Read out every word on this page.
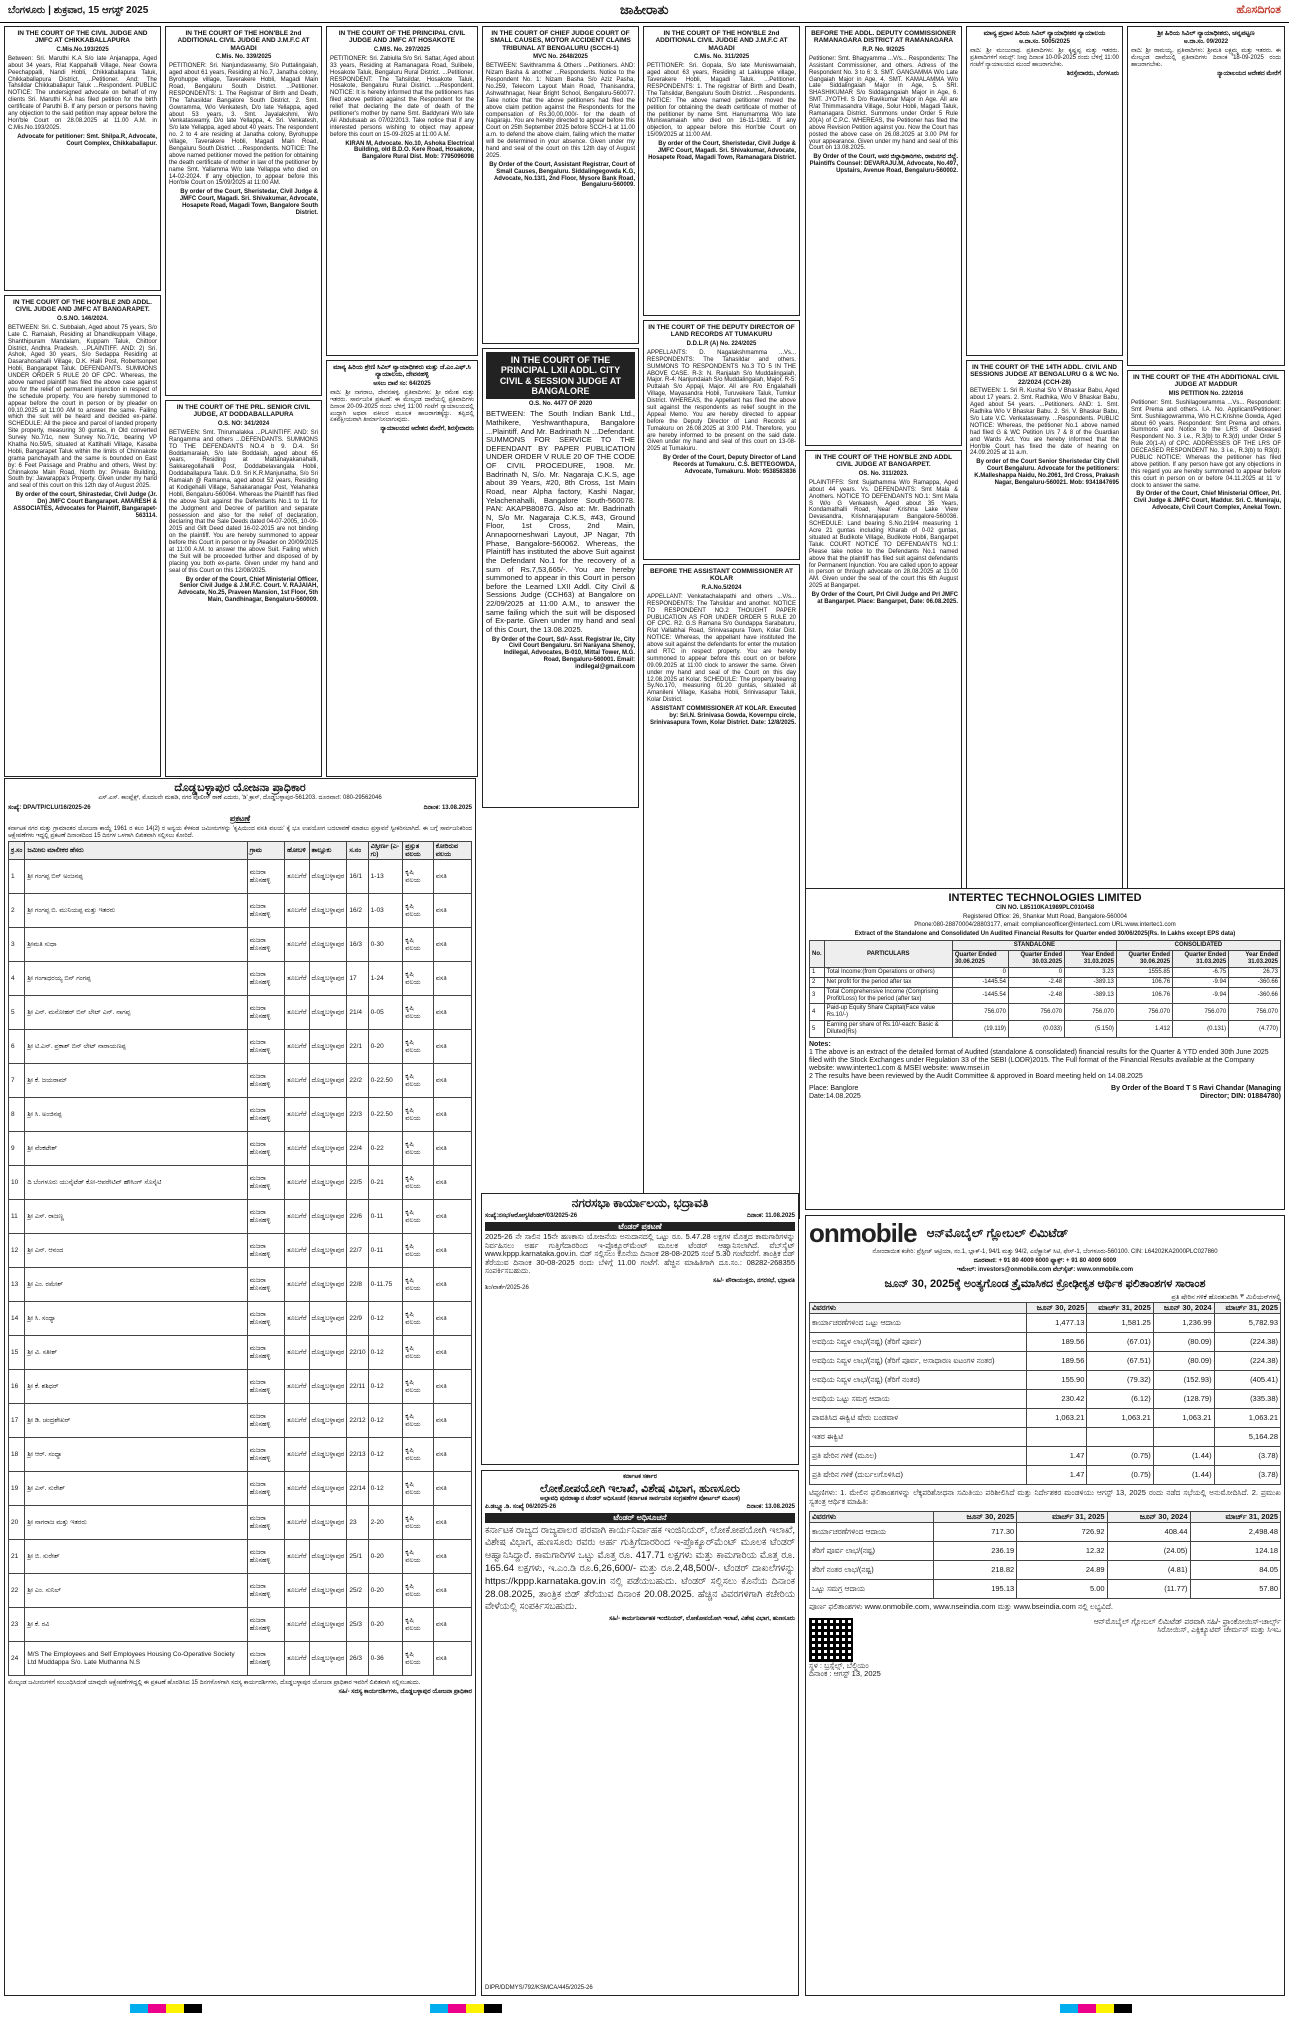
ಬೆಂಗಳೂರು | ಶುಕ್ರವಾರ, 15 ಆಗಸ್ಟ್ 2025	ಜಾಹೀರಾತು	ಹೊಸದಿಗಂತ
IN THE COURT OF THE CIVIL JUDGE AND JMFC AT CHIKKABALLAPURA
C.Mis.No.193/2025
Between: Sri. Maruthi K.A S/o late Anjanappa, Aged about 34 years, R/at Kappahalli Village, Near Gowra Peechappalli, Nandi Hobli, Chikkaballapura Taluk, Chikkaballapura District. ...Petitioner. And: The Tahsildar Chikkaballapur Taluk ...Respondent. PUBLIC NOTICE: The undersigned advocate on behalf of my clients Sri. Maruthi K.A has filed petition for the birth certificate of Paruthi B. If any person or persons having any objection to the said petition may appear before the Hon'ble Court on 28.08.2025 at 11.00 A.M. in C.Mis.No.193/2025.
Advocate for petitioner: Smt. Shilpa.R, Advocate, Court Complex, Chikkaballapur.
IN THE COURT OF THE HON'BLE 2ND ADDL. CIVIL JUDGE AND JMFC AT BANGARAPET.
O.S.NO. 146/2024.
BETWEEN: Sri. C. Subbaiah, Aged about 75 years, S/o Late C. Ramaiah, Residing at Dhandikuppam Village, Shanthipuram Mandalam, Kuppam Taluk, Chittoor District, Andhra Pradesh. ...PLAINTIFF. AND: 2) Sri. Ashok, Aged 30 years, S/o Sedappa Residing at Dasarahosahalli Village, D.K. Halli Post, Robertsonpet Hobli, Bangarapet Taluk. DEFENDANTS. SUMMONS UNDER ORDER 5 RULE 20 OF CPC. Whereas, the above named plaintiff has filed the above case against you for the relief of permanent injunction in respect of the schedule property. You are hereby summoned to appear before the court in person or by pleader on 09.10.2025 at 11:00 AM to answer the same. Failing which the suit will be heard and decided ex-parte. SCHEDULE: All the piece and parcel of landed property Site property, measuring 30 guntas, in Old converted Survey No.7/1c, new Survey No.7/1c, bearing VP Khatha No.59/5, situated at Kattihalli Village, Kasaba Hobli, Bangarapet Taluk within the limits of Chinnakote grama panchayath and the same is bounded on East by: 6 Feet Passage and Prabhu and others, West by: Chinnakote Main Road, North by: Private Building, South by: Jawarappa's Property. Given under my hand and seal of this court on this 12th day of August 2025.
By order of the court, Shirastedar, Civil Judge (Jr. Dn) JMFC Court Bangarapet. AMARESH & ASSOCIATES, Advocates for Plaintiff, Bangarapet-563114.
IN THE COURT OF THE HON'BLE 2nd ADDITIONAL CIVIL JUDGE AND J.M.F.C AT MAGADI
C.Mis. No. 339/2025
PETITIONER: Sri. Nanjundaswamy, S/o Puttalingaiah, aged about 61 years, Residing at No.7, Janatha colony, Byrohuppe village, Taverakere Hobli, Magadi Main Road, Bengaluru South District. ...Petitioner. RESPONDENTS: 1. The Registrar of Birth and Death, The Tahasildar Bangalore South District. 2. Smt. Gowramma, W/o Venkatesh, D/o late Yellappa, aged about 53 years, 3. Smt. Jayalakshmi, W/o Venkataswamy, D/o late Yellappa, 4. Sri. Venkatesh, S/o late Yellappa, aged about 40 years. The respondent no. 2 to 4 are residing at Janatha colony, Byrohuppe village, Taverakere Hobli, Magadi Main Road, Bengaluru South District. ...Respondents. NOTICE: The above named petitioner moved the petition for obtaining the death certificate of mother in law of the petitioner by name Smt. Yallamma W/o late Yellappa who died on 14-02-2024. If any objection, to appear before this Hon'ble Court on 15/09/2025 at 11:00 AM.
By order of the Court, Sheristedar, Civil Judge & JMFC Court, Magadi. Sri. Shivakumar, Advocate, Hosapete Road, Magadi Town, Bangalore South District.
IN THE COURT OF THE PRL. SENIOR CIVIL JUDGE, AT DODDABALLAPURA
O.S. NO: 341/2024
BETWEEN: Smt. Thirumalakka ...PLAINTIFF. AND: Sri Rangamma and others ...DEFENDANTS. SUMMONS TO THE DEFENDANTS NO.4 b 9. D.4. Sri Boddamaraiah, S/o late Boddaiah, aged about 65 years, Residing at Mattanayakanahalli, Sakkaregollahalli Post, Doddabelavangala Hobli, Doddaballapura Taluk. D.9. Sri K.R.Manjunatha, S/o Sri Ramaiah @ Ramanna, aged about 52 years, Residing at Kodigehalli Village, Sahakaranagar Post, Yelahanka Hobli, Bengaluru-560064. Whereas the Plaintiff has filed the above Suit against the Defendants No.1 to 11 for the Judgment and Decree of partition and separate possession and also for the relief of declaration, declaring that the Sale Deeds dated 04-07-2005, 10-09-2015 and Gift Deed dated 16-02-2015 are not binding on the plaintiff. You are hereby summoned to appear before this Court in person or by Pleader on 20/09/2025 at 11:00 A.M. to answer the above Suit. Failing which the Suit will be proceeded further and disposed of by placing you both ex-parte. Given under my hand and seal of this Court on this 12/08/2025.
By order of the Court, Chief Ministerial Officer, Senior Civil Judge & J.M.F.C. Court. V. RAJAIAH, Advocate, No.25, Praveen Mansion, 1st Floor, 5th Main, Gandhinagar, Bengaluru-560009.
IN THE COURT OF THE PRINCIPAL CIVIL JUDGE AND JMFC AT HOSAKOTE
C.MIS. No. 297/2025
PETITIONER: Sri. Zabiulla S/o Sri. Sattar, Aged about 33 years, Residing at Ramanagara Road, Sulibele, Hosakote Taluk, Bengaluru Rural District. ...Petitioner. RESPONDENT: The Tahsildar, Hosakote Taluk, Hosakote, Bengaluru Rural District. ...Respondent. NOTICE: It is hereby informed that the petitioners has filed above petition against the Respondent for the relief that declaring the date of death of the petitioner's mother by name Smt. Baddyrani W/o late Ali Abdulsaab as 07/02/2013. Take notice that if any interested persons wishing to object may appear before this court on 15-09-2025 at 11:00 A.M.
KIRAN M, Advocate. No.10, Ashoka Electrical Building, old B.D.O. Kere Road, Hosakote, Bangalore Rural Dist. Mob: 7795096098
ಮಾನ್ಯ ಹಿರಿಯ ಶ್ರೇಣಿ ಸಿವಿಲ್ ನ್ಯಾಯಾಧೀಶರು ಮತ್ತು ಜೆ.ಎಂ.ಎಫ್.ಸಿ ನ್ಯಾಯಾಲಯ, ದೇವನಹಳ್ಳಿ
ಅಸಲು ದಾವೆ ಸಂ: 64/2025
ವಾದಿ: ಶ್ರೀ ನಾಗರಾಜ, ದೇವನಹಳ್ಳಿ. ಪ್ರತಿವಾದಿಗಳು: ಶ್ರೀ ರಮೇಶ ಮತ್ತು ಇತರರು. ಸಾರ್ವಜನಿಕ ಪ್ರಕಟಣೆ: ಈ ಮೇಲ್ಕಂಡ ದಾವೆಯಲ್ಲಿ ಪ್ರತಿವಾದಿಗಳು ದಿನಾಂಕ 20-09-2025 ರಂದು ಬೆಳಿಗ್ಗೆ 11:00 ಗಂಟೆಗೆ ನ್ಯಾಯಾಲಯದಲ್ಲಿ ಖುದ್ದಾಗಿ ಅಥವಾ ವಕೀಲರ ಮೂಲಕ ಹಾಜರಾಗತಕ್ಕದ್ದು. ತಪ್ಪಿದಲ್ಲಿ ಏಕಪಕ್ಷೀಯವಾಗಿ ತೀರ್ಮಾನಿಸಲಾಗುವುದು.
ನ್ಯಾಯಾಲಯದ ಆದೇಶದ ಮೇರೆಗೆ, ಶಿರಸ್ತೇದಾರರು
IN THE COURT OF CHIEF JUDGE COURT OF SMALL CAUSES, MOTOR ACCIDENT CLAIMS TRIBUNAL AT BENGALURU (SCCH-1)
MVC No. 2648/2025
BETWEEN: Savithramma & Others ...Petitioners. AND: Nizam Basha & another ...Respondents. Notice to the Respondent No. 1: Nizam Basha S/o Aziz Pasha, No.259, Telecom Layout Main Road, Thanisandra, Ashwathnagar, Near Bright School, Bengaluru-560077. Take notice that the above petitioners had filed the above claim petition against the Respondents for the compensation of Rs.30,00,000/- for the death of Nagaraju. You are hereby directed to appear before this Court on 25th September 2025 before SCCH-1 at 11.00 a.m. to defend the above claim, failing which the matter will be determined in your absence. Given under my hand and seal of the court on this 12th day of August 2025.
By Order of the Court, Assistant Registrar, Court of Small Causes, Bengaluru. Siddalingegowda K.G, Advocate, No.13/1, 2nd Floor, Mysore Bank Road, Bengaluru-560009.
IN THE COURT OF THE PRINCIPAL LXII ADDL. CITY CIVIL & SESSION JUDGE AT BANGALORE
O.S. No. 4477 OF 2020
BETWEEN: The South Indian Bank Ltd., Mathikere, Yeshwanthapura, Bangalore ...Plaintiff. And Mr. Badrinath N ...Defendant. SUMMONS FOR SERVICE TO THE DEFENDANT BY PAPER PUBLICATION UNDER ORDER V RULE 20 OF THE CODE OF CIVIL PROCEDURE, 1908. Mr. Badrinath N, S/o. Mr. Nagaraja C.K.S, age about 39 Years, #20, 8th Cross, 1st Main Road, near Alpha factory, Kashi Nagar, Yelachenahalli, Bangalore South-560078. PAN: AKAPB8087G. Also at: Mr. Badrinath N, S/o Mr. Nagaraja C.K.S, #43, Ground Floor, 1st Cross, 2nd Main, Annapoorneshwari Layout, JP Nagar, 7th Phase, Bangalore-560062. Whereas, the Plaintiff has instituted the above Suit against the Defendant No.1 for the recovery of a sum of Rs.7,53,665/-. You are hereby summoned to appear in this Court in person before the Learned LXII Addl. City Civil & Sessions Judge (CCH63) at Bangalore on 22/09/2025 at 11:00 A.M., to answer the same failing which the suit will be disposed of Ex-parte. Given under my hand and seal of this Court, the 13.08.2025.
By Order of the Court, Sd/- Asst. Registrar I/c, City Civil Court Bengaluru. Sri Narayana Shenoy, Indilegal, Advocates, B-010, Mittal Tower, M.G. Road, Bengaluru-560001. Email: indilegal@gmail.com
IN THE COURT OF THE HON'BLE 2nd ADDITIONAL CIVIL JUDGE AND J.M.F.C AT MAGADI
C.Mis. No. 311/2025
PETITIONER: Sri. Gopala, S/o late Muniswamaiah, aged about 63 years, Residing at Lakkuppe village, Taverakere Hobli, Magadi Taluk. ...Petitioner. RESPONDENTS: 1. The registrar of Birth and Death, The Tahsildar, Bengaluru South District. ...Respondents. NOTICE: The above named petitioner moved the petition for obtaining the death certificate of mother of the petitioner by name Smt. Hanumamma W/o late Muniswamaiah who died on 16-11-1982. If any objection, to appear before this Hon'ble Court on 15/09/2025 at 11:00 AM.
By order of the Court, Sheristedar, Civil Judge & JMFC Court, Magadi. Sri. Shivakumar, Advocate, Hosapete Road, Magadi Town, Ramanagara District.
IN THE COURT OF THE DEPUTY DIRECTOR OF LAND RECORDS AT TUMAKURU
D.D.L.R (A) No. 224/2025
APPELLANTS: D. Nagalakshmamma ...Vs... RESPONDENTS: The Tahasildar and others. SUMMONS TO RESPONDENTS No.3 TO 5 IN THE ABOVE CASE. R-3: N. Ranjalah S/o Muddalingaiah, Major. R-4: Nanjundaiah S/o Muddalingaiah, Major. R-5: Puttaiah S/o Appaji, Major. All are R/o Engalahalli Village, Mayasandra Hobli, Turuvekere Taluk, Tumkur District. WHEREAS, the Appellant has filed the above suit against the respondents as relief sought in the Appeal Memo. You are hereby directed to appear before the Deputy Director of Land Records at Tumakuru on 26.08.2025 at 3:00 P.M. Therefore, you are hereby informed to be present on the said date. Given under my hand and seal of this court on 13-08-2025 at Tumakuru.
By Order of the Court, Deputy Director of Land Records at Tumakuru. C.S. BETTEGOWDA, Advocate, Tumakuru. Mob: 9538583836
BEFORE THE ASSISTANT COMMISSIONER AT KOLAR
R.A.No.5/2024
APPELLANT: Venkatachalapathi and others ...V/s... RESPONDENTS: The Tahsildar and another. NOTICE TO RESPONDENT NO.2 THOUGHT PAPER PUBLICATION AS FOR UNDER ORDER 5 RULE 20 OF CPC. R2. G.S Ramana S/o Gundappa Sarabaturu, R/at Vallabhai Road, Srinivasapura Town, Kolar Dist. NOTICE: Whereas, the appellant have instituted the above suit against the defendants for enter the mutation and RTC in respect property. You are hereby summoned to appear before this court on or before 09.09.2025 at 11:00 clock to answer the same. Given under my hand and seal of the Court on this day 12.08.2025 at Kolar. SCHEDULE: The property bearing Sy.No.170, measuring 01.20 guntas, situated at Amanileni Village, Kasaba Hobli, Srinivasapur Taluk, Kolar District.
ASSISTANT COMMISSIONER AT KOLAR. Executed by: Sri.N. Srinivasa Gowda, Kovernpu circle, Srinivasapura Town, Kolar District. Date: 12/8/2025.
BEFORE THE ADDL. DEPUTY COMMISSIONER RAMANAGARA DISTRICT AT RAMANAGARA
R.P. No. 9/2025
Petitioner: Smt. Bhagyamma ...V/s... Respondents: The Assistant Commissioner, and others. Adress of the Respondent No. 3 to 6: 3. SMT. GANGAMMA W/o Late Gangaiah Major in Age, 4. SMT. KAMALAMMA W/o Late Siddalingaiah Major in Age, 5. SRI. SHASHIKUMAR S/o Siddagangaiah Major in Age, 6. SMT. JYOTHI. S D/o Ravikumar Major in Age. All are R/at Thimmasandra Village, Solur Hobli, Magadi Taluk, Ramanagara District. Summons under Order 5 Rule 20(A) of C.P.C. WHEREAS, the Petitioner has filed the above Revision Petition against you. Now the Court has posted the above case on 26.08.2025 at 3.00 PM for your appearance. Given under my hand and seal of this Court on 13.08.2025.
By Order of the Court, ಅಪರ ಜಿಲ್ಲಾಧಿಕಾರಿಗಳು, ರಾಮನಗರ ಜಿಲ್ಲೆ. Plaintiffs Counsel: DEVARAJU.M, Advocate, No.497, Upstairs, Avenue Road, Bengaluru-560002.
IN THE COURT OF THE HON'BLE 2ND ADDL CIVIL JUDGE AT BANGARPET.
OS. No. 311/2023.
PLAINTIFFS: Smt Sujathamma W/o Ramappa, Aged about 44 years. Vs. DEFENDANTS: Smt Mala & Anothers. NOTICE TO DEFENDANTS NO.1: Smt Mala S W/o G Venkatesh, Aged about 35 Years, Kondamathalli Road, Near Krishna Lake View Devasandra, Krishnarajapuram Bangalore-560036. SCHEDULE: Land bearing S.No.219/4 measuring 1 Acre 21 guntas including Kharab of 0-02 guntas, situated at Budikote Village, Budikote Hobli, Bangarpet Taluk. COURT NOTICE TO DEFENDANTS NO.1: Please take notice to the Defendants No.1 named above that the plaintiff has filed suit against defendants for Permanent Injunction. You are called upon to appear in person or through advocate on 28.08.2025 at 11.00 AM. Given under the seal of the court this 6th August 2025 at Bangarpet.
By Order of the Court, Prl Civil Judge and Prl JMFC at Bangarpet. Place: Bangarpet, Date: 06.08.2025.
ಮಾನ್ಯ ಪ್ರಧಾನ ಹಿರಿಯ ಸಿವಿಲ್ ನ್ಯಾಯಾಧೀಶರ ನ್ಯಾಯಾಲಯ
ಅ.ದಾ.ಸಂ. 5005/2025
ವಾದಿ: ಶ್ರೀ ಮಂಜುನಾಥ. ಪ್ರತಿವಾದಿಗಳು: ಶ್ರೀ ಕೃಷ್ಣಪ್ಪ ಮತ್ತು ಇತರರು. ಪ್ರತಿವಾದಿಗಳಿಗೆ ಸಮನ್ಸ್: ನೀವು ದಿನಾಂಕ 10-09-2025 ರಂದು ಬೆಳಿಗ್ಗೆ 11:00 ಗಂಟೆಗೆ ನ್ಯಾಯಾಲಯದ ಮುಂದೆ ಹಾಜರಾಗಬೇಕು.
ಶಿರಸ್ತೇದಾರರು, ಬೆಂಗಳೂರು
IN THE COURT OF THE 14TH ADDL. CIVIL AND SESSIONS JUDGE AT BENGALURU G & WC No. 22/2024 (CCH-28)
BETWEEN: 1. Sri R. Kushal S/o V Bhaskar Babu, Aged about 17 years. 2. Smt. Radhika, W/o V Bhaskar Babu, Aged about 54 years. ...Petitioners. AND: 1. Smt. Radhika W/o V Bhaskar Babu. 2. Sri. V. Bhaskar Babu, S/o Late V.C. Venkataswamy. ...Respondents. PUBLIC NOTICE: Whereas, the petitioner No.1 above named had filed G & WC Petition U/s 7 & 8 of the Guardian and Wards Act. You are hereby informed that the Hon'ble Court has fixed the date of hearing on 24.09.2025 at 11 a.m.
By order of the Court Senior Sheristedar City Civil Court Bengaluru. Advocate for the petitioners: K.Malleshappa Naidu, No.2061, 3rd Cross, Prakash Nagar, Bengaluru-560021. Mob: 9341847695
ಶ್ರೀ ಹಿರಿಯ ಸಿವಿಲ್ ನ್ಯಾಯಾಧೀಶರು, ಚನ್ನಪಟ್ಟಣ
ಅ.ದಾ.ಸಂ. 09/2022
ವಾದಿ: ಶ್ರೀ ರಾಮಯ್ಯ. ಪ್ರತಿವಾದಿಗಳು: ಶ್ರೀಮತಿ ಲಕ್ಷ್ಮಮ್ಮ ಮತ್ತು ಇತರರು. ಈ ಮೇಲ್ಕಂಡ ದಾವೆಯಲ್ಲಿ ಪ್ರತಿವಾದಿಗಳು ದಿನಾಂಕ 18-09-2025 ರಂದು ಹಾಜರಾಗಬೇಕು.
ನ್ಯಾಯಾಲಯದ ಆದೇಶದ ಮೇರೆಗೆ
IN THE COURT OF THE 4TH ADDITIONAL CIVIL JUDGE AT MADDUR
MIS PETITION No. 22/2016
Petitioner: Smt. Sushilagowramma ...Vs... Respondent: Smt Prema and others. I.A. No. Applicant/Petitioner: Smt. Sushilagowramma, W/o H.C.Krishne Gowda, Aged about 60 years. Respondent: Smt Prema and others. Summons and Notice to the LRS of Deceased Respondent No. 3 i.e., R.3(b) to R.3(d) under Order 5 Rule 20(1-A) of CPC. ADDRESSES OF THE LRS OF DECEASED RESPONDENT No. 3 i.e., R.3(b) to R3(d). PUBLIC NOTICE: Whereas the petitioner has filed above petition. If any person have got any objections in this regard you are hereby summoned to appear before this court in person on or before 04.11.2025 at 11 'o' clock to answer the same.
By Order of the Court, Chief Ministerial Officer, Prl. Civil Judge & JMFC Court, Maddur. Sri. C. Muniraju, Advocate, Civil Court Complex, Anekal Town.
ದೊಡ್ಡಬಳ್ಳಾಪುರ ಯೋಜನಾ ಪ್ರಾಧಿಕಾರ
ಎಸ್.ಎಸ್. ಕಾಂಪ್ಲೆಕ್ಸ್, ಮೊದಲನೇ ಮಹಡಿ, ನಗರ ಪೊಲೀಸ್ ಠಾಣೆ ಎದುರು, 'ಡಿ' ಕ್ರಾಸ್, ದೊಡ್ಡಬಳ್ಳಾಪುರ-561203. ದೂರವಾಣಿ: 080-29562046
ಸಂಖ್ಯೆ: DPA/TP/CLU/16/2025-26	ದಿನಾಂಕ: 13.08.2025
ಪ್ರಕಟಣೆ

ಕರ್ನಾಟಕ ನಗರ ಮತ್ತು ಗ್ರಾಮಾಂತರ ಯೋಜನಾ ಕಾಯ್ದೆ 1961 ರ ಕಲಂ 14(2) ರ ಅನ್ವಯ ಕೆಳಕಂಡ ಜಮೀನುಗಳನ್ನು 'ಕೃಷಿಯಿಂದ ವಸತಿ ವಲಯ' ಕ್ಕೆ ಭೂ ಉಪಯೋಗ ಬದಲಾವಣೆ ಮಾಡಲು ಪ್ರಸ್ತಾವನೆ ಸ್ವೀಕರಿಸಲಾಗಿದೆ. ಈ ಬಗ್ಗೆ ಸಾರ್ವಜನಿಕರಿಂದ ಆಕ್ಷೇಪಣೆಗಳು ಇದ್ದಲ್ಲಿ ಪ್ರಕಟಣೆ ದಿನಾಂಕದಿಂದ 15 ದಿನಗಳ ಒಳಗಾಗಿ ಲಿಖಿತವಾಗಿ ಸಲ್ಲಿಸಲು ಕೋರಿದೆ.

ಕ್ರ.ಸಂ	ಜಮೀನು ಮಾಲೀಕರ ಹೆಸರು	ಗ್ರಾಮ	ಹೋಬಳಿ	ತಾಲ್ಲೂಕು	ಸ.ನಂ	ವಿಸ್ತೀರ್ಣ (ಎ-ಗು)	ಪ್ರಸ್ತುತ ವಲಯ	ಕೋರಿರುವ ವಲಯ
1	ಶ್ರೀ ಗಂಗಪ್ಪ ಬಿನ್ ಅಂಜನಪ್ಪ	ಮಜರಾ ಹೊಸಹಳ್ಳಿ	ತೂಬಗೆರೆ	ದೊಡ್ಡಬಳ್ಳಾಪುರ	16/1	1-13	ಕೃಷಿ ವಲಯ	ವಸತಿ
2	ಶ್ರೀ ಗಂಗಪ್ಪ ಬಿ. ಮುನಿಯಪ್ಪ ಮತ್ತು ಇತರರು	ಮಜರಾ ಹೊಸಹಳ್ಳಿ	ತೂಬಗೆರೆ	ದೊಡ್ಡಬಳ್ಳಾಪುರ	16/2	1-03	ಕೃಷಿ ವಲಯ	ವಸತಿ
3	ಶ್ರೀಮತಿ ಸುಧಾ	ಮಜರಾ ಹೊಸಹಳ್ಳಿ	ತೂಬಗೆರೆ	ದೊಡ್ಡಬಳ್ಳಾಪುರ	16/3	0-30	ಕೃಷಿ ವಲಯ	ವಸತಿ
4	ಶ್ರೀ ಗಂಗಾಧರಯ್ಯ ಬಿನ್ ಗಂಗಪ್ಪ	ಮಜರಾ ಹೊಸಹಳ್ಳಿ	ತೂಬಗೆರೆ	ದೊಡ್ಡಬಳ್ಳಾಪುರ	17	1-24	ಕೃಷಿ ವಲಯ	ವಸತಿ
5	ಶ್ರೀ ಎನ್. ಮನೋಹರ್ ಬಿನ್ ಲೇಟ್ ಎನ್. ನಾಗಪ್ಪ	ಮಜರಾ ಹೊಸಹಳ್ಳಿ	ತೂಬಗೆರೆ	ದೊಡ್ಡಬಳ್ಳಾಪುರ	21/4	0-05	ಕೃಷಿ ವಲಯ	ವಸತಿ
6	ಶ್ರೀ ಟಿ.ಎನ್. ಪ್ರಕಾಶ್ ಬಿನ್ ಲೇಟ್ ನಾರಾಯಣಪ್ಪ	ಮಜರಾ ಹೊಸಹಳ್ಳಿ	ತೂಬಗೆರೆ	ದೊಡ್ಡಬಳ್ಳಾಪುರ	22/1	0-20	ಕೃಷಿ ವಲಯ	ವಸತಿ
7	ಶ್ರೀ ಕೆ. ಜಯರಾಮ್	ಮಜರಾ ಹೊಸಹಳ್ಳಿ	ತೂಬಗೆರೆ	ದೊಡ್ಡಬಳ್ಳಾಪುರ	22/2	0-22.50	ಕೃಷಿ ವಲಯ	ವಸತಿ
8	ಶ್ರೀ ಸಿ. ಅಂಜಿನಪ್ಪ	ಮಜರಾ ಹೊಸಹಳ್ಳಿ	ತೂಬಗೆರೆ	ದೊಡ್ಡಬಳ್ಳಾಪುರ	22/3	0-22.50	ಕೃಷಿ ವಲಯ	ವಸತಿ
9	ಶ್ರೀ ವೆಂಕಟೇಶ್	ಮಜರಾ ಹೊಸಹಳ್ಳಿ	ತೂಬಗೆರೆ	ದೊಡ್ಡಬಳ್ಳಾಪುರ	22/4	0-22	ಕೃಷಿ ವಲಯ	ವಸತಿ
10	ದಿ ಬೆಂಗಳೂರು ಯುನೈಟೆಡ್ ಕೋ-ಆಪರೇಟಿವ್ ಹೌಸಿಂಗ್ ಸೊಸೈಟಿ	ಮಜರಾ ಹೊಸಹಳ್ಳಿ	ತೂಬಗೆರೆ	ದೊಡ್ಡಬಳ್ಳಾಪುರ	22/5	0-21	ಕೃಷಿ ವಲಯ	ವಸತಿ
11	ಶ್ರೀ ಎಸ್. ರಾಜಣ್ಣ	ಮಜರಾ ಹೊಸಹಳ್ಳಿ	ತೂಬಗೆರೆ	ದೊಡ್ಡಬಳ್ಳಾಪುರ	22/6	0-11	ಕೃಷಿ ವಲಯ	ವಸತಿ
12	ಶ್ರೀ ಎನ್. ಆನಂದ	ಮಜರಾ ಹೊಸಹಳ್ಳಿ	ತೂಬಗೆರೆ	ದೊಡ್ಡಬಳ್ಳಾಪುರ	22/7	0-11	ಕೃಷಿ ವಲಯ	ವಸತಿ
13	ಶ್ರೀ ಎಂ. ರಮೇಶ್	ಮಜರಾ ಹೊಸಹಳ್ಳಿ	ತೂಬಗೆರೆ	ದೊಡ್ಡಬಳ್ಳಾಪುರ	22/8	0-11.75	ಕೃಷಿ ವಲಯ	ವಸತಿ
14	ಶ್ರೀ ಸಿ. ಸಂಧ್ಯಾ	ಮಜರಾ ಹೊಸಹಳ್ಳಿ	ತೂಬಗೆರೆ	ದೊಡ್ಡಬಳ್ಳಾಪುರ	22/9	0-12	ಕೃಷಿ ವಲಯ	ವಸತಿ
15	ಶ್ರೀ ವಿ. ಸತೀಶ್	ಮಜರಾ ಹೊಸಹಳ್ಳಿ	ತೂಬಗೆರೆ	ದೊಡ್ಡಬಳ್ಳಾಪುರ	22/10	0-12	ಕೃಷಿ ವಲಯ	ವಸತಿ
16	ಶ್ರೀ ಕೆ. ಶಶಿಧರ್	ಮಜರಾ ಹೊಸಹಳ್ಳಿ	ತೂಬಗೆರೆ	ದೊಡ್ಡಬಳ್ಳಾಪುರ	22/11	0-12	ಕೃಷಿ ವಲಯ	ವಸತಿ
17	ಶ್ರೀ ಡಿ. ಚಂದ್ರಶೇಖರ್	ಮಜರಾ ಹೊಸಹಳ್ಳಿ	ತೂಬಗೆರೆ	ದೊಡ್ಡಬಳ್ಳಾಪುರ	22/12	0-12	ಕೃಷಿ ವಲಯ	ವಸತಿ
18	ಶ್ರೀ ಆರ್. ಸಂಧ್ಯಾ	ಮಜರಾ ಹೊಸಹಳ್ಳಿ	ತೂಬಗೆರೆ	ದೊಡ್ಡಬಳ್ಳಾಪುರ	22/13	0-12	ಕೃಷಿ ವಲಯ	ವಸತಿ
19	ಶ್ರೀ ಎಸ್. ಸುರೇಶ್	ಮಜರಾ ಹೊಸಹಳ್ಳಿ	ತೂಬಗೆರೆ	ದೊಡ್ಡಬಳ್ಳಾಪುರ	22/14	0-12	ಕೃಷಿ ವಲಯ	ವಸತಿ
20	ಶ್ರೀ ನಾಗರಾಜ ಮತ್ತು ಇತರರು	ಮಜರಾ ಹೊಸಹಳ್ಳಿ	ತೂಬಗೆರೆ	ದೊಡ್ಡಬಳ್ಳಾಪುರ	23	2-20	ಕೃಷಿ ವಲಯ	ವಸತಿ
21	ಶ್ರೀ ಬಿ. ಸುರೇಶ್	ಮಜರಾ ಹೊಸಹಳ್ಳಿ	ತೂಬಗೆರೆ	ದೊಡ್ಡಬಳ್ಳಾಪುರ	25/1	0-20	ಕೃಷಿ ವಲಯ	ವಸತಿ
22	ಶ್ರೀ ಎಂ. ಸುನಿಲ್	ಮಜರಾ ಹೊಸಹಳ್ಳಿ	ತೂಬಗೆರೆ	ದೊಡ್ಡಬಳ್ಳಾಪುರ	25/2	0-20	ಕೃಷಿ ವಲಯ	ವಸತಿ
23	ಶ್ರೀ ಕೆ. ರವಿ	ಮಜರಾ ಹೊಸಹಳ್ಳಿ	ತೂಬಗೆರೆ	ದೊಡ್ಡಬಳ್ಳಾಪುರ	25/3	0-20	ಕೃಷಿ ವಲಯ	ವಸತಿ
24	M/S The Employees and Self Employees Housing Co-Operative Society Ltd Muddappa S/o. Late Muthanna N.S	ಮಜರಾ ಹೊಸಹಳ್ಳಿ	ತೂಬಗೆರೆ	ದೊಡ್ಡಬಳ್ಳಾಪುರ	26/3	0-36	ಕೃಷಿ ವಲಯ	ವಸತಿ

ಮೇಲ್ಕಂಡ ಜಮೀನುಗಳಿಗೆ ಸಂಬಂಧಿಸಿದಂತೆ ಯಾವುದೇ ಆಕ್ಷೇಪಣೆಗಳಿದ್ದಲ್ಲಿ ಈ ಪ್ರಕಟಣೆ ಹೊರಡಿಸಿದ 15 ದಿನಗಳೊಳಗಾಗಿ ಸದಸ್ಯ ಕಾರ್ಯದರ್ಶಿಗಳು, ದೊಡ್ಡಬಳ್ಳಾಪುರ ಯೋಜನಾ ಪ್ರಾಧಿಕಾರ ಇವರಿಗೆ ಲಿಖಿತವಾಗಿ ಸಲ್ಲಿಸಬಹುದು.

ಸಹಿ/- ಸದಸ್ಯ ಕಾರ್ಯದರ್ಶಿಗಳು, ದೊಡ್ಡಬಳ್ಳಾಪುರ ಯೋಜನಾ ಪ್ರಾಧಿಕಾರ
ನಗರಸಭಾ ಕಾರ್ಯಾಲಯ, ಭದ್ರಾವತಿ
ಸಂಖ್ಯೆ:ನಸಭ/ಆರೋಗ್ಯ/ಟೆಂಡರ್/03/2025-26	ದಿನಾಂಕ: 11.08.2025
ಟೆಂಡರ್ ಪ್ರಕಟಣೆ

2025-26 ನೇ ಸಾಲಿನ 15ನೇ ಹಣಕಾಸು ಯೋಜನೆಯ ಅನುದಾನದಲ್ಲಿ ಒಟ್ಟು ರೂ. 5.47.28 ಲಕ್ಷಗಳ ಮೊತ್ತದ ಕಾಮಗಾರಿಗಳನ್ನು ನಿರ್ವಹಿಸಲು ಅರ್ಹ ಗುತ್ತಿಗೆದಾರರಿಂದ ಇ-ಪ್ರೊಕ್ಯೂರ್‌ಮೆಂಟ್ ಮೂಲಕ ಟೆಂಡರ್ ಆಹ್ವಾನಿಸಲಾಗಿದೆ. ವೆಬ್‌ಸೈಟ್ www.kppp.karnataka.gov.in. ಬಿಡ್ ಸಲ್ಲಿಸಲು ಕೊನೆಯ ದಿನಾಂಕ 28-08-2025 ಸಂಜೆ 5.30 ಗಂಟೆವರೆಗೆ. ತಾಂತ್ರಿಕ ಬಿಡ್ ತೆರೆಯುವ ದಿನಾಂಕ 30-08-2025 ರಂದು ಬೆಳಿಗ್ಗೆ 11.00 ಗಂಟೆಗೆ. ಹೆಚ್ಚಿನ ಮಾಹಿತಿಗಾಗಿ ದೂ.ಸಂ.: 08282-268355 ಸಂಪರ್ಕಿಸಬಹುದು.

ಸಹಿ/- ಪೌರಾಯುಕ್ತರು, ನಗರಸಭೆ, ಭದ್ರಾವತಿ
ಶಿಂ/ವಾರ್ತೆ/2025-26
ಕರ್ನಾಟಕ ಸರ್ಕಾರ
ಲೋಕೋಪಯೋಗಿ ಇಲಾಖೆ, ವಿಶೇಷ ವಿಭಾಗ, ಹುಣಸೂರು
ಅಲ್ಪಾವಧಿ ಪುನರಾಹ್ವಾನ ಟೆಂಡರ್ ಅಧಿಸೂಚನೆ (ಕರ್ನಾಟಕ ಸಾರ್ವಜನಿಕ ಸಂಗ್ರಹಣೆಗಳ ಪೋರ್ಟಲ್ ಮೂಲಕ)
ಪಿ.ಡಬ್ಲ್ಯೂ.ಡಿ. ಸಂಖ್ಯೆ 06/2025-26	ದಿನಾಂಕ: 13.08.2025
ಟೆಂಡರ್ ಅಧಿಸೂಚನೆ

ಕರ್ನಾಟಕ ರಾಜ್ಯದ ರಾಜ್ಯಪಾಲರ ಪರವಾಗಿ ಕಾರ್ಯನಿರ್ವಾಹಕ ಇಂಜಿನಿಯರ್, ಲೋಕೋಪಯೋಗಿ ಇಲಾಖೆ, ವಿಶೇಷ ವಿಭಾಗ, ಹುಣಸೂರು ರವರು ಅರ್ಹ ಗುತ್ತಿಗೆದಾರರಿಂದ ಇ-ಪ್ರೊಕ್ಯೂರ್‌ಮೆಂಟ್ ಮೂಲಕ ಟೆಂಡರ್ ಆಹ್ವಾನಿಸಿದ್ದಾರೆ. ಕಾಮಗಾರಿಗಳ ಒಟ್ಟು ಮೊತ್ತ ರೂ. 417.71 ಲಕ್ಷಗಳು ಮತ್ತು ಕಾಮಗಾರಿಯ ಮೊತ್ತ ರೂ. 165.64 ಲಕ್ಷಗಳು, ಇ.ಎಂ.ಡಿ ರೂ.6,26,600/- ಮತ್ತು ರೂ.2,48,500/-. ಟೆಂಡರ್ ದಾಖಲೆಗಳನ್ನು https://kppp.karnataka.gov.in ನಲ್ಲಿ ಪಡೆಯಬಹುದು. ಟೆಂಡರ್ ಸಲ್ಲಿಸಲು ಕೊನೆಯ ದಿನಾಂಕ 28.08.2025, ತಾಂತ್ರಿಕ ಬಿಡ್ ತೆರೆಯುವ ದಿನಾಂಕ 20.08.2025. ಹೆಚ್ಚಿನ ವಿವರಗಳಿಗಾಗಿ ಕಚೇರಿಯ ವೇಳೆಯಲ್ಲಿ ಸಂಪರ್ಕಿಸಬಹುದು.

ಸಹಿ/- ಕಾರ್ಯನಿರ್ವಾಹಕ ಇಂಜಿನಿಯರ್, ಲೋಕೋಪಯೋಗಿ ಇಲಾಖೆ, ವಿಶೇಷ ವಿಭಾಗ, ಹುಣಸೂರು
DIPR/DDMYS/792/KSMCA/445/2025-26
INTERTEC TECHNOLOGIES LIMITED
CIN NO. L85110KA1989PLC010458
Registered Office: 26, Shankar Mutt Road, Bangalore-560004
Phone:080-28870004/28803177, email: complianceofficer@intertec1.com URL:www.intertec1.com
Extract of the Standalone and Consolidated Un Audited Financial Results for Quarter ended 30/06/2025(Rs. In Lakhs except EPS data)
No.	PARTICULARS	STANDALONE			CONSOLIDATED		
		Quarter Ended 30.06.2025	Quarter Ended 30.03.2025	Year Ended 31.03.2025	Quarter Ended 30.06.2025	Quarter Ended 31.03.2025	Year Ended 31.03.2025
1	Total Income:(from Operations or others)	0	0	3.23	1555.85	-6.75	26.73
2	Net profit for the period after tax	-1445.54	-2.48	-389.13	106.76	-9.94	-360.66
3	Total Comprehensive Income (Comprising Profit/Loss) for the period (after tax)	-1445.54	-2.48	-389.13	106.76	-9.94	-360.66
4	Paid-up Equity Share Capital(Face value Rs.10/-)	756.070	756.070	756.070	756.070	756.070	756.070
5	Earning per share of Rs.10/-each: Basic & Diluted(Rs)	(19.119)	(0.033)	(5.150)	1.412	(0.131)	(4.770)
Notes:
1 The above is an extract of the detailed format of Audited (standalone & consolidated) financial results for the Quarter & YTD ended 30th June 2025 filed with the Stock Exchanges under Regulation 33 of the SEBI (LODR)2015. The Full format of the Financial Results available at the Company website: www.intertec1.com & MSEI website: www.msei.in
2 The results have been reviewed by the Audit Committee & approved in Board meeting held on 14.08.2025
Place: Banglore
Date:14.08.2025
By Order of the Board T S Ravi Chandar (Managing Director; DIN: 01884780)
onmobile ಆನ್‌ಮೊಬೈಲ್ ಗ್ಲೋಬಲ್ ಲಿಮಿಟೆಡ್
ನೋಂದಾಯಿತ ಕಚೇರಿ: ಪ್ರೆಸ್ಟೀಜ್ ಆಟ್ರಿಯಾ, ನಂ.1, ಬ್ಲಾಕ್-1, 94/1 ಮತ್ತು 94/2, ಎಲೆಕ್ಟ್ರಾನಿಕ್ ಸಿಟಿ, ಫೇಸ್-1, ಬೆಂಗಳೂರು-560100. CIN: L64202KA2000PLC027860
ದೂರವಾಣಿ: + 91 80 4009 6000 ಫ್ಯಾಕ್ಸ್: + 91 80 4009 6009
ಇಮೇಲ್: investors@onmobile.com ವೆಬ್‌ಸೈಟ್: www.onmobile.com
ಜೂನ್ 30, 2025ಕ್ಕೆ ಅಂತ್ಯಗೊಂಡ ತ್ರೈಮಾಸಿಕದ ಕ್ರೋಢೀಕೃತ ಆರ್ಥಿಕ ಫಲಿತಾಂಶಗಳ ಸಾರಾಂಶ
ಪ್ರತಿ ಷೇರಿನ ಗಳಿಕೆ ಹೊರತುಪಡಿಸಿ ₹ ಮಿಲಿಯನ್‌ಗಳಲ್ಲಿ
ವಿವರಗಳು	ಜೂನ್ 30, 2025	ಮಾರ್ಚ್ 31, 2025	ಜೂನ್ 30, 2024	ಮಾರ್ಚ್ 31, 2025
ಕಾರ್ಯಾಚರಣೆಗಳಿಂದ ಒಟ್ಟು ಆದಾಯ	1,477.13	1,581.25	1,236.99	5,782.93
ಅವಧಿಯ ನಿವ್ವಳ ಲಾಭ/(ನಷ್ಟ) (ತೆರಿಗೆ ಪೂರ್ವ)	189.56	(67.01)	(80.09)	(224.38)
ಅವಧಿಯ ನಿವ್ವಳ ಲಾಭ/(ನಷ್ಟ) (ತೆರಿಗೆ ಪೂರ್ವ, ಅಸಾಧಾರಣ ಐಟಂಗಳ ನಂತರ)	189.56	(67.51)	(80.09)	(224.38)
ಅವಧಿಯ ನಿವ್ವಳ ಲಾಭ/(ನಷ್ಟ) (ತೆರಿಗೆ ನಂತರ)	155.90	(79.32)	(152.93)	(405.41)
ಅವಧಿಯ ಒಟ್ಟು ಸಮಗ್ರ ಆದಾಯ	230.42	(6.12)	(128.79)	(335.38)
ಪಾವತಿಸಿದ ಈಕ್ವಿಟಿ ಷೇರು ಬಂಡವಾಳ	1,063.21	1,063.21	1,063.21	1,063.21
ಇತರ ಈಕ್ವಿಟಿ				5,164.28
ಪ್ರತಿ ಷೇರಿನ ಗಳಿಕೆ (ಮೂಲ)	1.47	(0.75)	(1.44)	(3.78)
ಪ್ರತಿ ಷೇರಿನ ಗಳಿಕೆ (ದುರ್ಬಲಗೊಳಿಸಿದ)	1.47	(0.75)	(1.44)	(3.78)

ಟಿಪ್ಪಣಿಗಳು: 1. ಮೇಲಿನ ಫಲಿತಾಂಶಗಳನ್ನು ಲೆಕ್ಕಪರಿಶೋಧನಾ ಸಮಿತಿಯು ಪರಿಶೀಲಿಸಿದೆ ಮತ್ತು ನಿರ್ದೇಶಕರ ಮಂಡಳಿಯು ಆಗಸ್ಟ್ 13, 2025 ರಂದು ನಡೆದ ಸಭೆಯಲ್ಲಿ ಅನುಮೋದಿಸಿದೆ. 2. ಪ್ರಮುಖ ಸ್ವತಂತ್ರ ಆರ್ಥಿಕ ಮಾಹಿತಿ:

ವಿವರಗಳು	ಜೂನ್ 30, 2025	ಮಾರ್ಚ್ 31, 2025	ಜೂನ್ 30, 2024	ಮಾರ್ಚ್ 31, 2025
ಕಾರ್ಯಾಚರಣೆಗಳಿಂದ ಆದಾಯ	717.30	726.92	408.44	2,498.48
ತೆರಿಗೆ ಪೂರ್ವ ಲಾಭ/(ನಷ್ಟ)	236.19	12.32	(24.05)	124.18
ತೆರಿಗೆ ನಂತರ ಲಾಭ/(ನಷ್ಟ)	218.82	24.89	(4.81)	84.05
ಒಟ್ಟು ಸಮಗ್ರ ಆದಾಯ	195.13	5.00	(11.77)	57.80
ಪೂರ್ಣ ಫಲಿತಾಂಶಗಳು www.onmobile.com, www.nseindia.com ಮತ್ತು www.bseindia.com ನಲ್ಲಿ ಲಭ್ಯವಿದೆ.
ಸ್ಥಳ : ಬ್ರಸ್ಸೆಲ್ಸ್, ಬೆಲ್ಜಿಯಂ
ದಿನಾಂಕ : ಆಗಸ್ಟ್ 13, 2025
ಆನ್‌ಮೊಬೈಲ್ ಗ್ಲೋಬಲ್ ಲಿಮಿಟೆಡ್ ಪರವಾಗಿ ಸಹಿ/- ಫ್ರಾಂಕೋಯಿಸ್-ಚಾರ್ಲ್ಸ್ ಸಿರೋಯಿಸ್, ಎಕ್ಸಿಕ್ಯೂಟಿವ್ ಚೇರ್ಮನ್ ಮತ್ತು ಸಿಇಒ
